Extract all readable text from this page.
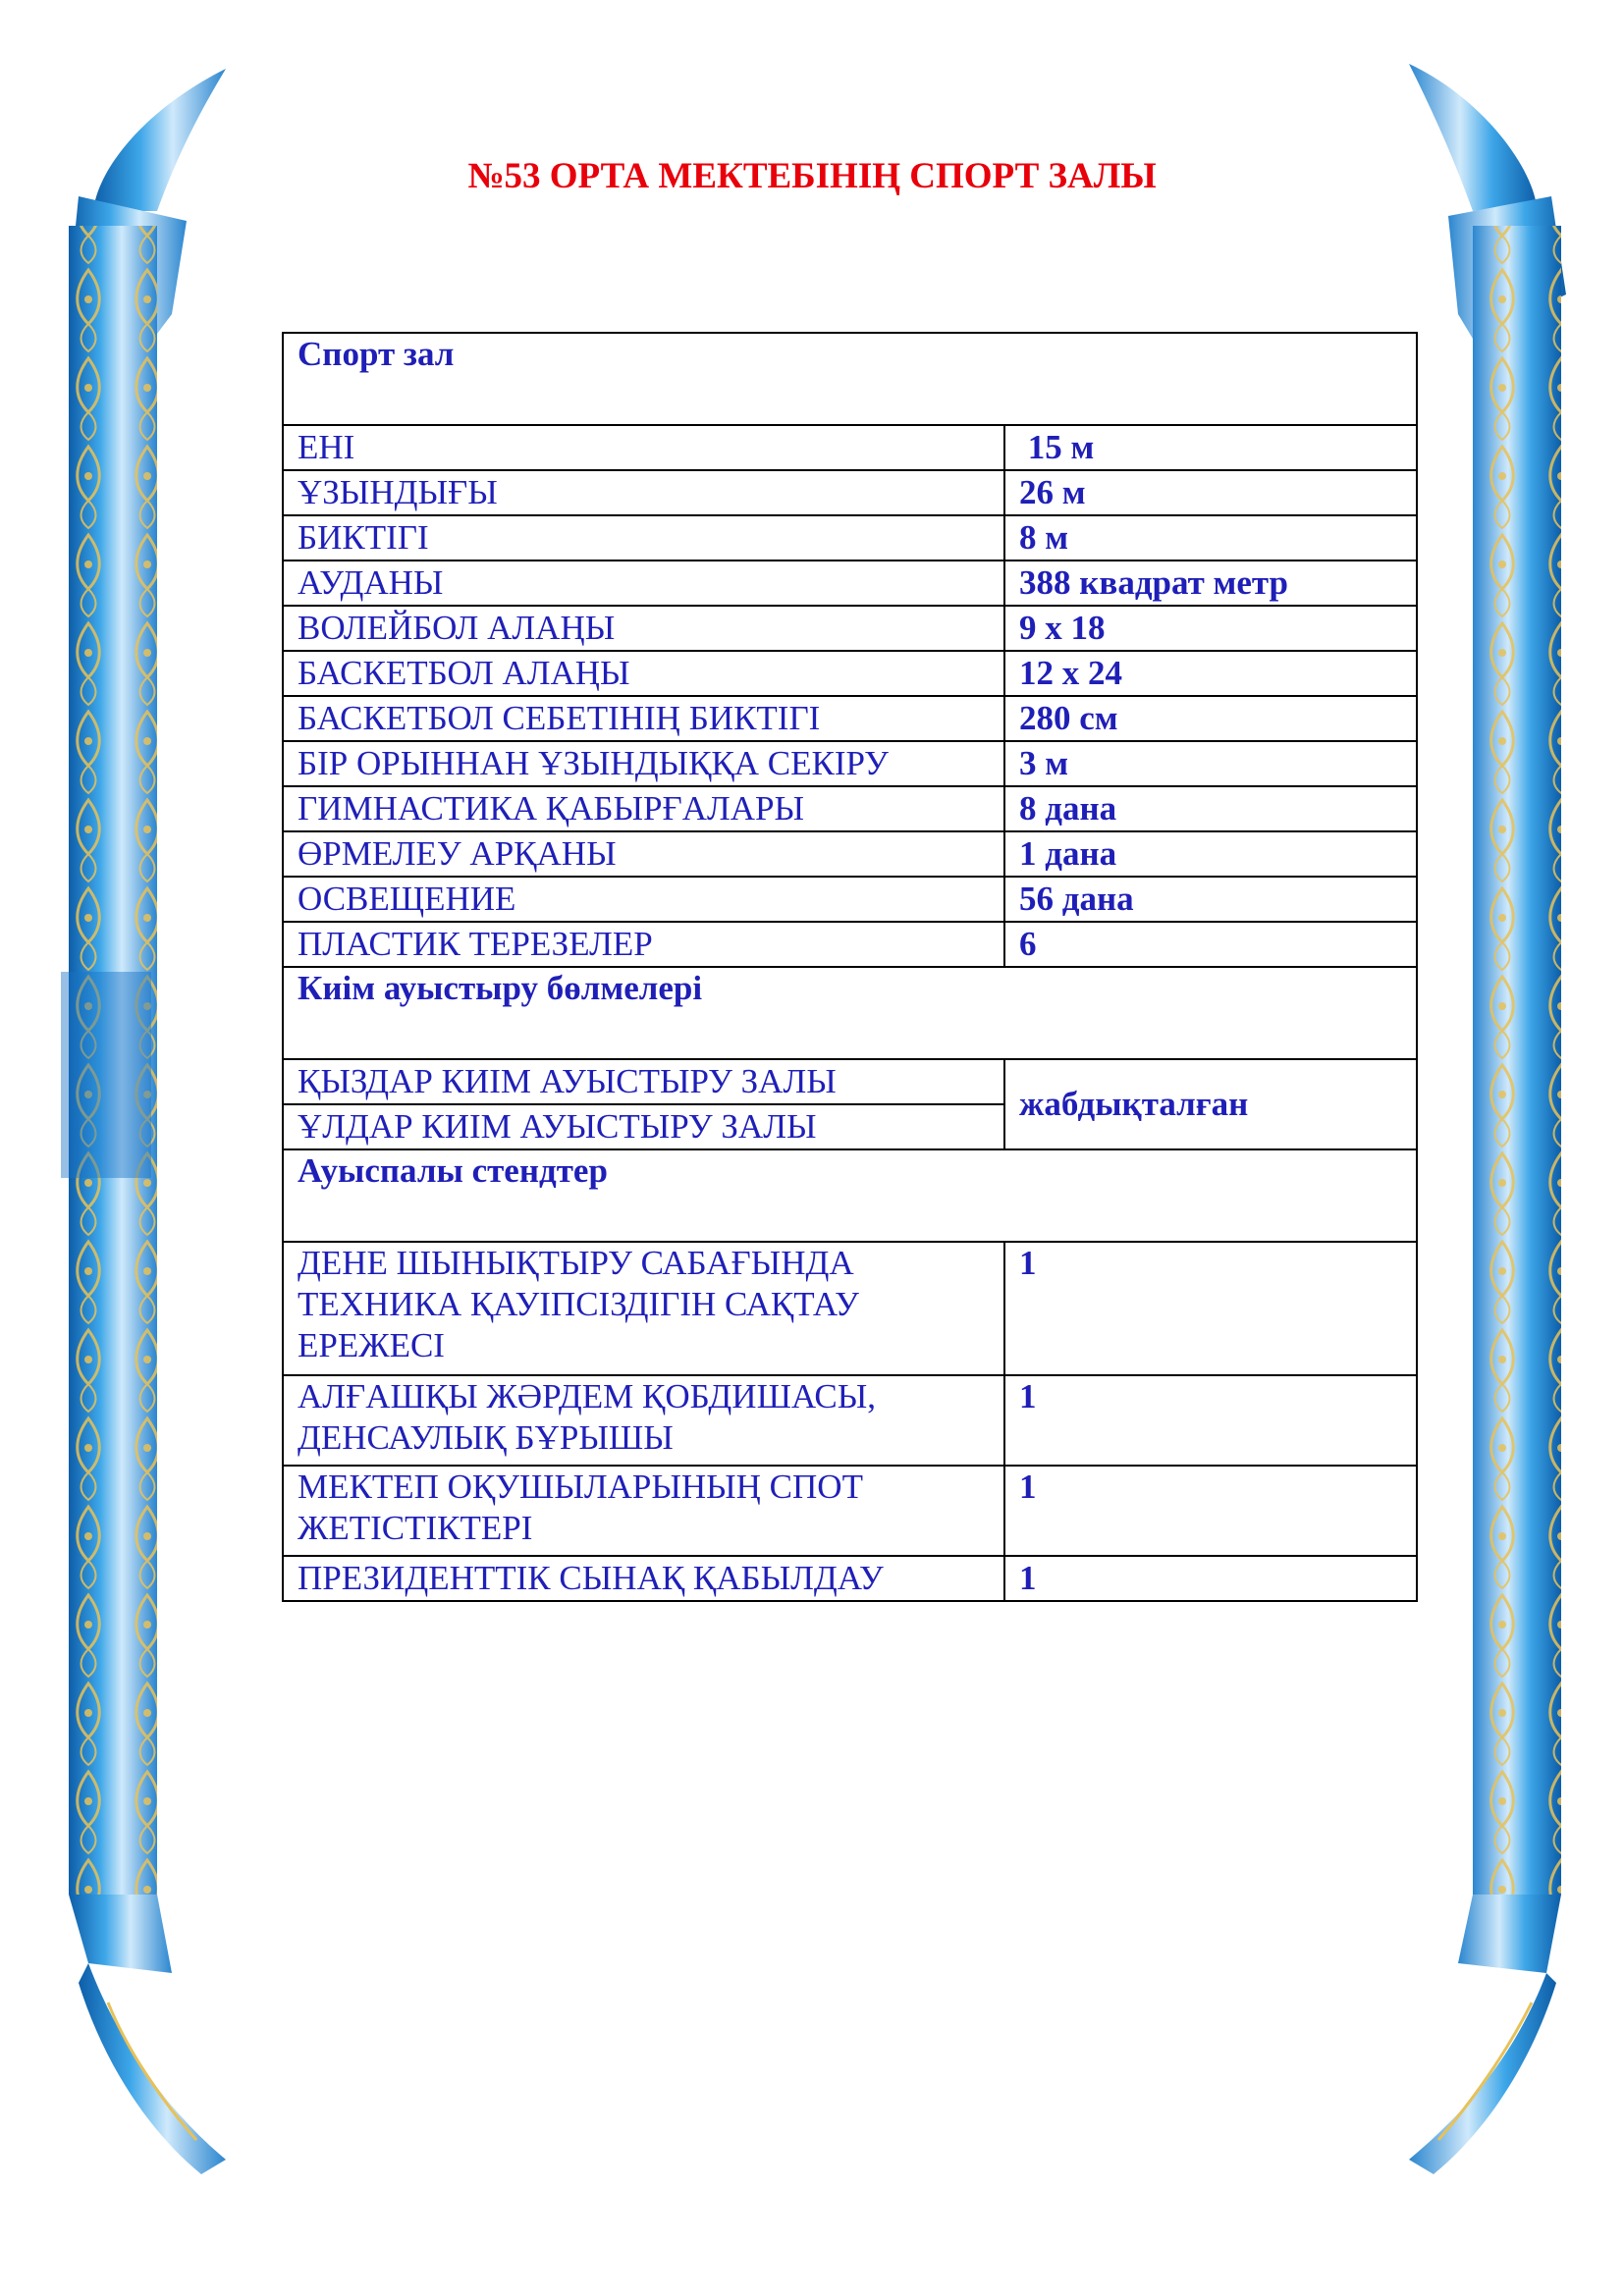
№53 ОРТА МЕКТЕБІНІҢ СПОРТ ЗАЛЫ
Спорт зал	
ЕНІ	15 м
ҰЗЫНДЫҒЫ	26 м
БИКТІГІ	8 м
АУДАНЫ	388 квадрат метр
ВОЛЕЙБОЛ АЛАҢЫ	9 х 18
БАСКЕТБОЛ АЛАҢЫ	12 х 24
БАСКЕТБОЛ СЕБЕТІНІҢ БИКТІГІ	280 см
БІР ОРЫННАН ҰЗЫНДЫҚҚА СЕКІРУ	3 м
ГИМНАСТИКА ҚАБЫРҒАЛАРЫ	8 дана
ӨРМЕЛЕУ АРҚАНЫ	1 дана
ОСВЕЩЕНИЕ	56 дана
ПЛАСТИК ТЕРЕЗЕЛЕР	6
Киім ауыстыру бөлмелері	
ҚЫЗДАР КИІМ АУЫСТЫРУ ЗАЛЫ	жабдықталған
ҰЛДАР КИІМ АУЫСТЫРУ ЗАЛЫ	
Ауыспалы стендтер	
ДЕНЕ ШЫНЫҚТЫРУ САБАҒЫНДА ТЕХНИКА ҚАУІПСІЗДІГІН САҚТАУ ЕРЕЖЕСІ	1
АЛҒАШҚЫ ЖӘРДЕМ ҚОБДИШАСЫ, ДЕНСАУЛЫҚ БҰРЫШЫ	1
МЕКТЕП ОҚУШЫЛАРЫНЫҢ СПОТ ЖЕТІСТІКТЕРІ	1
ПРЕЗИДЕНТТІК СЫНАҚ ҚАБЫЛДАУ	1
